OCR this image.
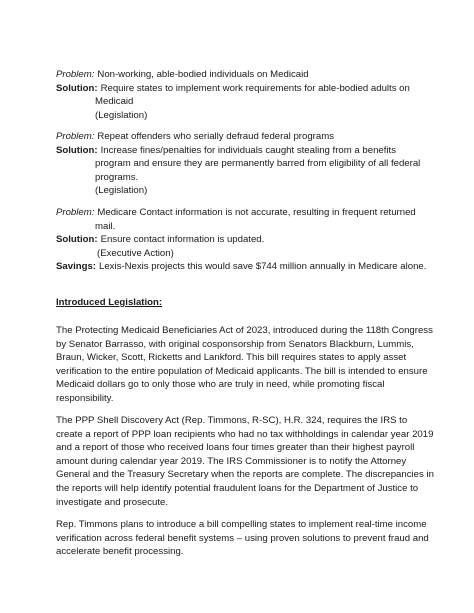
Problem: Non-working, able-bodied individuals on Medicaid
Solution: Require states to implement work requirements for able-bodied adults on
Medicaid
(Legislation)
Problem: Repeat offenders who serially defraud federal programs
Solution: Increase fines/penalties for individuals caught stealing from a benefits
program and ensure they are permanently barred from eligibility of all federal
programs.
(Legislation)
Problem: Medicare Contact information is not accurate, resulting in frequent returned
mail.
Solution: Ensure contact information is updated.
(Executive Action)
Savings: Lexis-Nexis projects this would save $744 million annually in Medicare alone.
Introduced Legislation:

The Protecting Medicaid Beneficiaries Act of 2023, introduced during the 118th Congress by Senator Barrasso, with original cosponsorship from Senators Blackburn, Lummis, Braun, Wicker, Scott, Ricketts and Lankford. This bill requires states to apply asset verification to the entire population of Medicaid applicants. The bill is intended to ensure Medicaid dollars go to only those who are truly in need, while promoting fiscal responsibility.

The PPP Shell Discovery Act (Rep. Timmons, R-SC), H.R. 324, requires the IRS to create a report of PPP loan recipients who had no tax withholdings in calendar year 2019 and a report of those who received loans four times greater than their highest payroll amount during calendar year 2019. The IRS Commissioner is to notify the Attorney General and the Treasury Secretary when the reports are complete. The discrepancies in the reports will help identify potential fraudulent loans for the Department of Justice to investigate and prosecute.

Rep. Timmons plans to introduce a bill compelling states to implement real-time income verification across federal benefit systems – using proven solutions to prevent fraud and accelerate benefit processing.
